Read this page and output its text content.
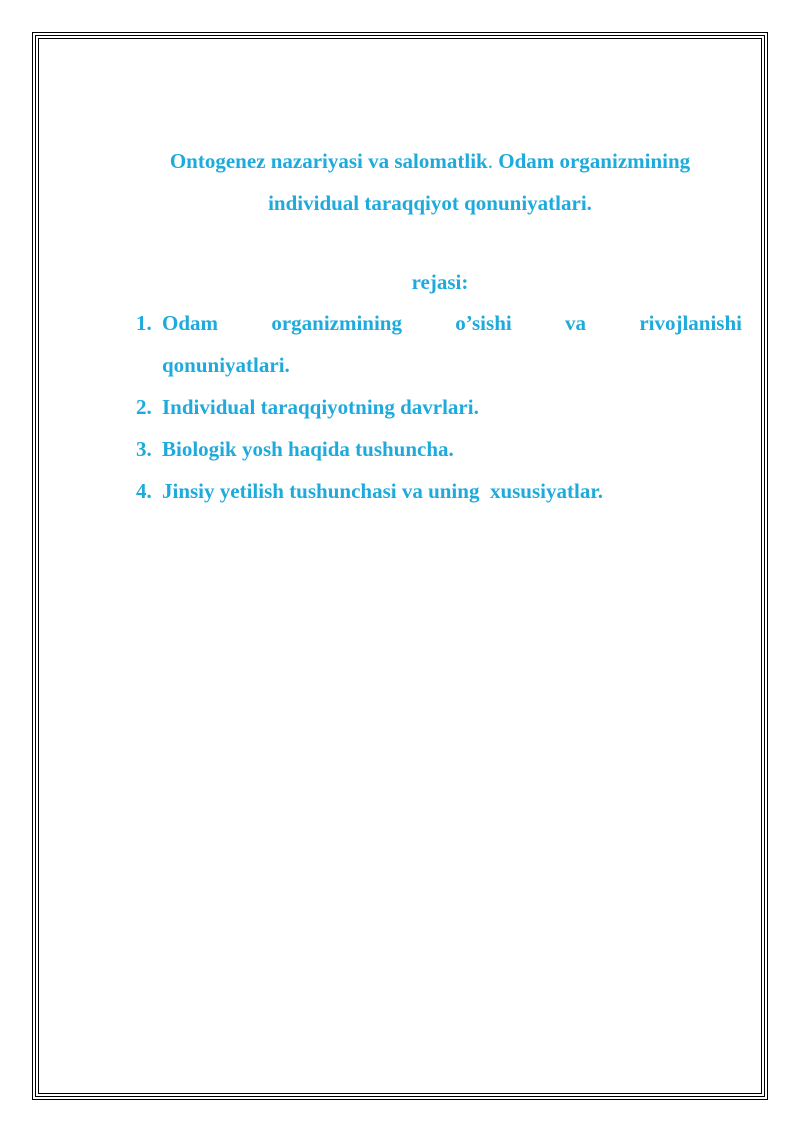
Ontogenez nazariyasi va salomatlik. Odam organizmining
individual taraqqiyot qonuniyatlari.
rejasi:
1. Odam	organizmining	o’sishi	va	rivojlanishi
qonuniyatlari.
2. Individual taraqqiyotning davrlari.
3. Biologik yosh haqida tushuncha.
4. Jinsiy yetilish tushunchasi va uning  xususiyatlar.
